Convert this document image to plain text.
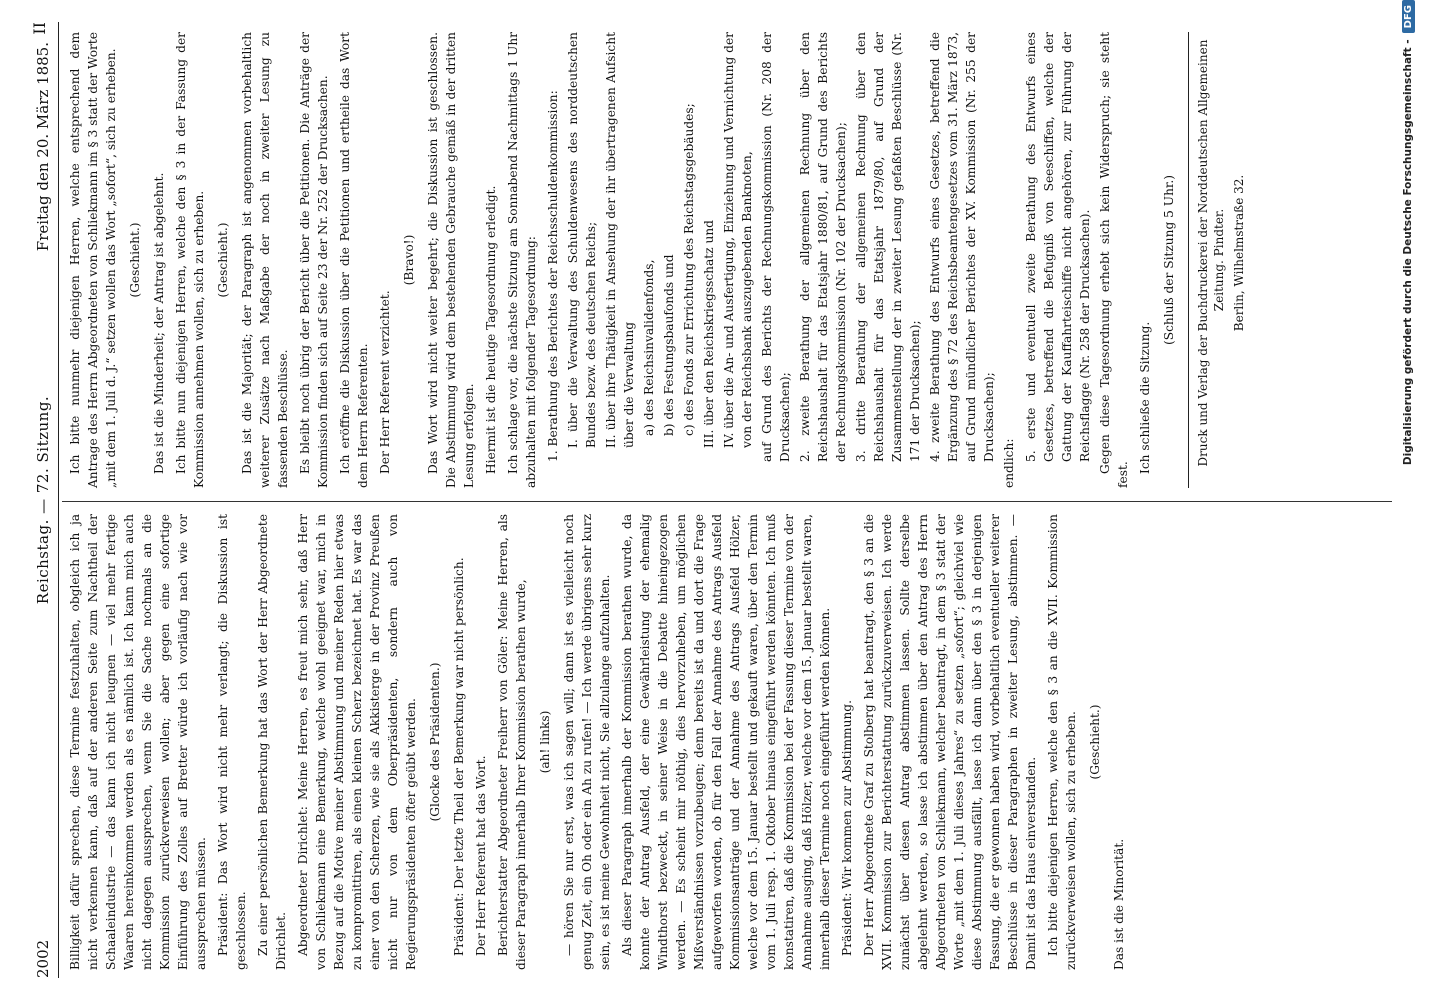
2002
Reichstag. — 72. Sitzung.
Freitag den 20. März 1885.
II

Billigkeit dafür sprechen, diese Termine festzuhalten, obgleich ich ja nicht verkennen kann, daß auf der anderen Seite zum Nachtheil der Schaaleindustrie — das kann ich nicht leugnen — viel mehr fertige Waaren hereinkommen werden als es nämlich ist. Ich kann mich auch nicht dagegen aussprechen, wenn Sie die Sache nochmals an die Kommission zurückverweisen wollen; aber gegen eine sofortige Einführung des Zolles auf Bretter würde ich vorläufig nach wie vor aussprechen müssen. Präsident: Das Wort wird nicht mehr verlangt; die Diskussion ist geschlossen. Zu einer persönlichen Bemerkung hat das Wort der Herr Abgeordnete Dirichlet. Abgeordneter Dirichlet: Meine Herren, es freut mich sehr, daß Herr von Schliekmann eine Bemerkung, welche wohl geeignet war, mich in Bezug auf die Motive meiner Abstimmung und meiner Reden hier etwas zu kompromittiren, als einen kleinen Scherz bezeichnet hat. Es war das einer von den Scherzen, wie sie als Akkisterge in der Provinz Preußen nicht nur von dem Oberpräsidenten, sondern auch von Regierungspräsidenten öfter geübt werden. (Glocke des Präsidenten.) Präsident: Der letzte Theil der Bemerkung war nicht persönlich. Der Herr Referent hat das Wort. Berichterstatter Abgeordneter Freiherr von Göler: Meine Herren, als dieser Paragraph innerhalb Ihrer Kommission berathen wurde, (ah! links) — hören Sie nur erst, was ich sagen will; dann ist es vielleicht noch genug Zeit, ein Oh oder ein Ah zu rufen! — Ich werde übrigens sehr kurz sein, es ist meine Gewohnheit nicht, Sie allzulange aufzuhalten. Als dieser Paragraph innerhalb der Kommission berathen wurde, da konnte der Antrag Ausfeld, der eine Gewährleistung der ehemalig Windthorst bezweckt, in seiner Weise in die Debatte hineingezogen werden. — Es scheint mir nöthig, dies hervorzuheben, um möglichen Mißverständnissen vorzubeugen; denn bereits ist da und dort die Frage aufgeworfen worden, ob für den Fall der Annahme des Antrags Ausfeld Kommissionsanträge und der Annahme des Antrags Ausfeld Hölzer, welche vor dem 15. Januar bestellt und gekauft waren, über den Termin vom 1. Juli resp. 1. Oktober hinaus eingeführt werden könnten. Ich muß konstatiren, daß die Kommission bei der Fassung dieser Termine von der Annahme ausging, daß Hölzer, welche vor dem 15. Januar bestellt waren, innerhalb dieser Termine noch eingeführt werden können. Präsident: Wir kommen zur Abstimmung. Der Herr Abgeordnete Graf zu Stolberg hat beantragt, den § 3 an die XVII. Kommission zur Berichterstattung zurückzuverweisen. Ich werde zunächst über diesen Antrag abstimmen lassen. Sollte derselbe abgelehnt werden, so lasse ich abstimmen über den Antrag des Herrn Abgeordneten von Schliekmann, welcher beantragt, in dem § 3 statt der Worte „mit dem 1. Juli dieses Jahres“ zu setzen „sofort“; gleichviel wie diese Abstimmung ausfällt, lasse ich dann über den § 3 in derjenigen Fassung, die er gewonnen haben wird, vorbehaltlich eventueller weiterer Beschlüsse in dieser Paragraphen in zweiter Lesung, abstimmen. — Damit ist das Haus einverstanden. Ich bitte diejenigen Herren, welche den § 3 an die XVII. Kommission zurückverweisen wollen, sich zu erheben. (Geschieht.)

Das ist die Minorität.

Ich bitte nunmehr diejenigen Herren, welche entsprechend dem Antrage des Herrn Abgeordneten von Schliekmann im § 3 statt der Worte „mit dem 1. Juli d. J.“ setzen wollen das Wort „sofort“, sich zu erheben. (Geschieht.) Das ist die Minderheit; der Antrag ist abgelehnt. Ich bitte nun diejenigen Herren, welche den § 3 in der Fassung der Kommission annehmen wollen, sich zu erheben. (Geschieht.) Das ist die Majorität; der Paragraph ist angenommen vorbehaltlich weiterer Zusätze nach Maßgabe der noch in zweiter Lesung zu fassenden Beschlüsse. Es bleibt noch übrig der Bericht über die Petitionen. Die Anträge der Kommission finden sich auf Seite 23 der Nr. 252 der Drucksachen. Ich eröffne die Diskussion über die Petitionen und ertheile das Wort dem Herrn Referenten. Der Herr Referent verzichtet.

(Bravo!) Das Wort wird nicht weiter begehrt; die Diskussion ist geschlossen. Die Abstimmung wird dem bestehenden Gebrauche gemäß in der dritten Lesung erfolgen. Hiermit ist die heutige Tagesordnung erledigt. Ich schlage vor, die nächste Sitzung am Sonnabend Nachmittags 1 Uhr abzuhalten mit folgender Tagesordnung: 1. Berathung des Berichtes der Reichsschuldenkommission: I. über die Verwaltung des Schuldenwesens des norddeutschen Bundes bezw. des deutschen Reichs; II. über ihre Thätigkeit in Ansehung der ihr übertragenen Aufsicht über die Verwaltung a) des Reichsinvalidenfonds, b) des Festungsbaufonds und c) des Fonds zur Errichtung des Reichstagsgebäudes; III. über den Reichskriegsschatz und IV. über die An- und Ausfertigung, Einziehung und Vernichtung der von der Reichsbank auszugebenden Banknoten, auf Grund des Berichts der Rechnungskommission (Nr. 208 der Drucksachen); 2. zweite Berathung der allgemeinen Rechnung über den Reichshaushalt für das Etatsjahr 1880/81, auf Grund des Berichts der Rechnungskommission (Nr. 102 der Drucksachen); 3. dritte Berathung der allgemeinen Rechnung über den Reichshaushalt für das Etatsjahr 1879/80, auf Grund der Zusammenstellung der in zweiter Lesung gefaßten Beschlüsse (Nr. 171 der Drucksachen); 4. zweite Berathung des Entwurfs eines Gesetzes, betreffend die Ergänzung des § 72 des Reichsbeamtengesetzes vom 31. März 1873, auf Grund mündlicher Berichtes der XV. Kommission (Nr. 255 der Drucksachen);

endlich:

5. erste und eventuell zweite Berathung des Entwurfs eines Gesetzes, betreffend die Befugniß von Seeschiffen, welche der Gattung der Kauffahrteischiffe nicht angehören, zur Führung der Reichsflagge (Nr. 258 der Drucksachen). Gegen diese Tagesordnung erhebt sich kein Widerspruch; sie steht fest.

Ich schließe die Sitzung.

(Schluß der Sitzung 5 Uhr.) Druck und Verlag der Buchdruckerei der Norddeutschen Allgemeinen Zeitung. Pindter. Berlin, Wilhelmstraße 32.	Digitalisierung gefördert durch die Deutsche Forschungsgemeinschaft -DFG
